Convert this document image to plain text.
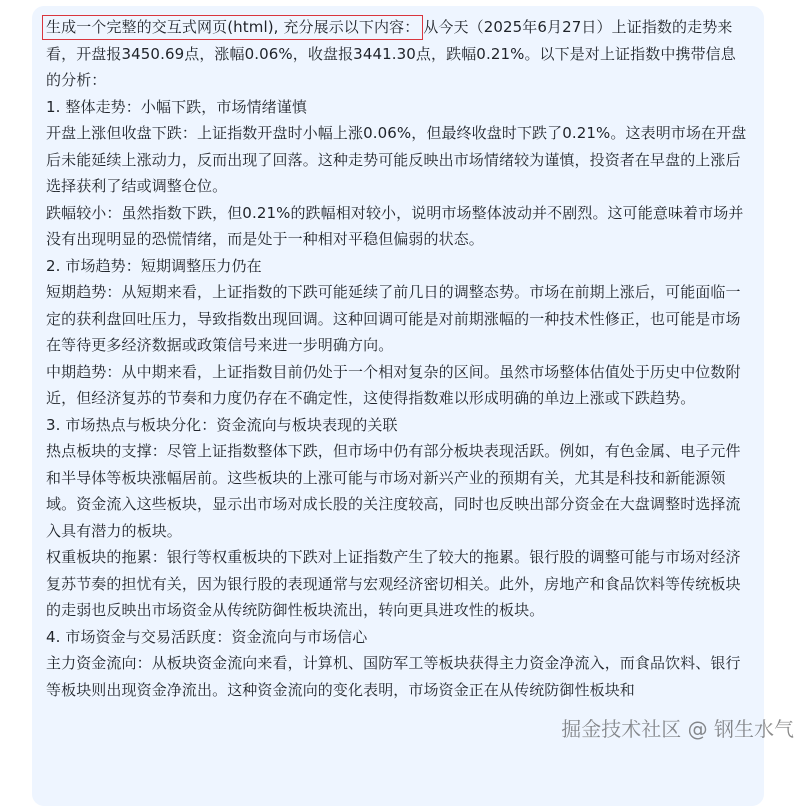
生成一个完整的交互式网页(html), 充分展示以下内容： 从今天（2025年6月27日）上证指数的走势来看，开盘报3450.69点，涨幅0.06%，收盘报3441.30点，跌幅0.21%。以下是对上证指数中携带信息的分析：

1. 整体走势：小幅下跌，市场情绪谨慎

开盘上涨但收盘下跌：上证指数开盘时小幅上涨0.06%，但最终收盘时下跌了0.21%。这表明市场在开盘后未能延续上涨动力，反而出现了回落。这种走势可能反映出市场情绪较为谨慎，投资者在早盘的上涨后选择获利了结或调整仓位。

跌幅较小：虽然指数下跌，但0.21%的跌幅相对较小，说明市场整体波动并不剧烈。这可能意味着市场并没有出现明显的恐慌情绪，而是处于一种相对平稳但偏弱的状态。

2. 市场趋势：短期调整压力仍在

短期趋势：从短期来看，上证指数的下跌可能延续了前几日的调整态势。市场在前期上涨后，可能面临一定的获利盘回吐压力，导致指数出现回调。这种回调可能是对前期涨幅的一种技术性修正，也可能是市场在等待更多经济数据或政策信号来进一步明确方向。

中期趋势：从中期来看，上证指数目前仍处于一个相对复杂的区间。虽然市场整体估值处于历史中位数附近，但经济复苏的节奏和力度仍存在不确定性，这使得指数难以形成明确的单边上涨或下跌趋势。

3. 市场热点与板块分化：资金流向与板块表现的关联

热点板块的支撑：尽管上证指数整体下跌，但市场中仍有部分板块表现活跃。例如，有色金属、电子元件和半导体等板块涨幅居前。这些板块的上涨可能与市场对新兴产业的预期有关，尤其是科技和新能源领域。资金流入这些板块，显示出市场对成长股的关注度较高，同时也反映出部分资金在大盘调整时选择流入具有潜力的板块。

权重板块的拖累：银行等权重板块的下跌对上证指数产生了较大的拖累。银行股的调整可能与市场对经济复苏节奏的担忧有关，因为银行股的表现通常与宏观经济密切相关。此外，房地产和食品饮料等传统板块的走弱也反映出市场资金从传统防御性板块流出，转向更具进攻性的板块。

4. 市场资金与交易活跃度：资金流向与市场信心

主力资金流向：从板块资金流向来看，计算机、国防军工等板块获得主力资金净流入，而食品饮料、银行等板块则出现资金净流出。这种资金流向的变化表明，市场资金正在从传统防御性板块和

掘金技术社区 @ 钢生水气
